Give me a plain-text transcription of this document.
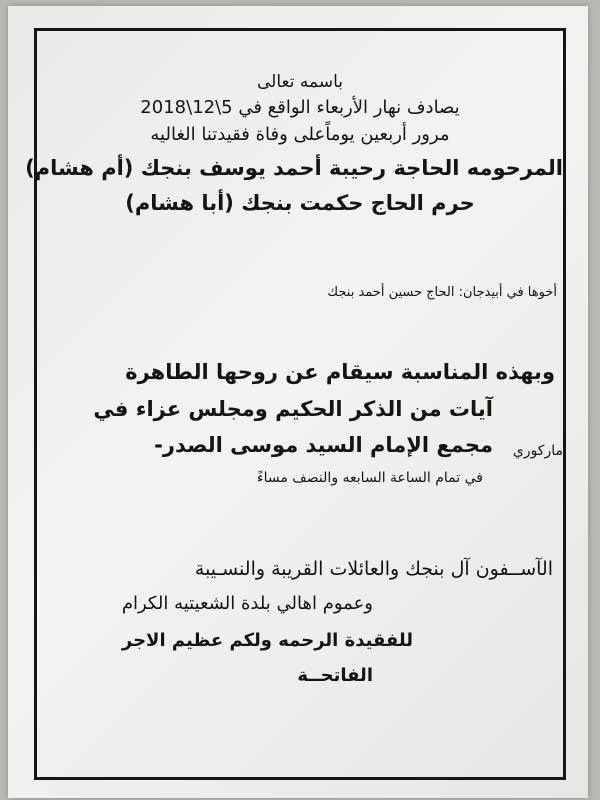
باسمه تعالى
يصادف نهار الأربعاء الواقع في 5\12\2018
مرور أربعين يوماًعلى وفاة فقيدتنا الغاليه
المرحومه الحاجة رحيبة أحمد يوسف بنجك (أم هشام)
حرم الحاج حكمت بنجك (أبا هشام)
أخوها في أبيدجان: الحاج حسين أحمد بنجك
وبهذه المناسبة سيقام عن روحها الطاهرة
آيات من الذكر الحكيم ومجلس عزاء في
مجمع الإمام السيد موسى الصدر- ماركوري
في تمام الساعة السابعه والنصف مساءً
الآســفون آل بنجك والعائلات القريبة والنسـيبة
وعموم اهالي بلدة الشعيتيه الكرام
للفقيدة الرحمه ولكم عظيم الاجر
الفاتحــة
